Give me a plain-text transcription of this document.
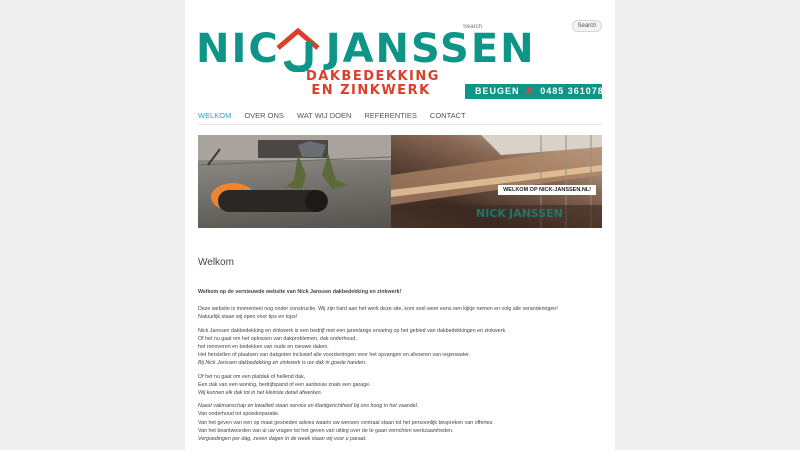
Search
Search
NIC JANSSEN
DAKBEDEKKING
EN ZINKWERK	BEUGEN ✆ 0485 361078
WELKOM OVER ONS WAT WIJ DOEN REFERENTIES CONTACT
NICK JANSSEN
WELKOM OP NICK-JANSSEN.NL!
Welkom

Welkom op de vernieuwde website van Nick Janssen dakbedekking en zinkwerk!

Deze website is momenteel nog onder constructie. Wij zijn hard aan het werk deze site, kom snel weer eens een kijkje nemen en volg alle veranderingen!
Natuurlijk staan wij open voor tips en tops!

Nick Janssen dakbedekking en zinkwerk is een bedrijf met een jarenlange ervaring op het gebied van dakbedekkingen en zinkwerk.
Of het nu gaat om het oplossen van dakproblemen, dak onderhoud,
het renoveren en bedekken van oude en nieuwe daken.
Het herstellen of plaatsen van dakgoten inclusief alle voorzieningen voor het opvangen en afvoeren van regenwater.
Bij Nick Janssen dakbedekking en zinkwerk is uw dak in goede handen.

Of het nu gaat om een platdak of hellend dak,
Een dak van een woning, bedrijfspand of een aanbouw zoals een garage.
Wij kunnen elk dak tot in het kleinste detail afwerken.

Naast vakmanschap en kwaliteit staan service en klantgerichtheid bij ons hoog in het vaandel.
Van onderhoud tot spoedreparatie.
Van het geven van een op maat gesneden advies waarin uw wensen centraal staan tot het persoonlijk bespreken van offertes.
Van het beantwoorden van al uw vragen tot het geven van uitleg over de te gaan verrichten werkzaamheden.
Vergoedingen per dag, zeven dagen in de week staan wij voor u paraat.
